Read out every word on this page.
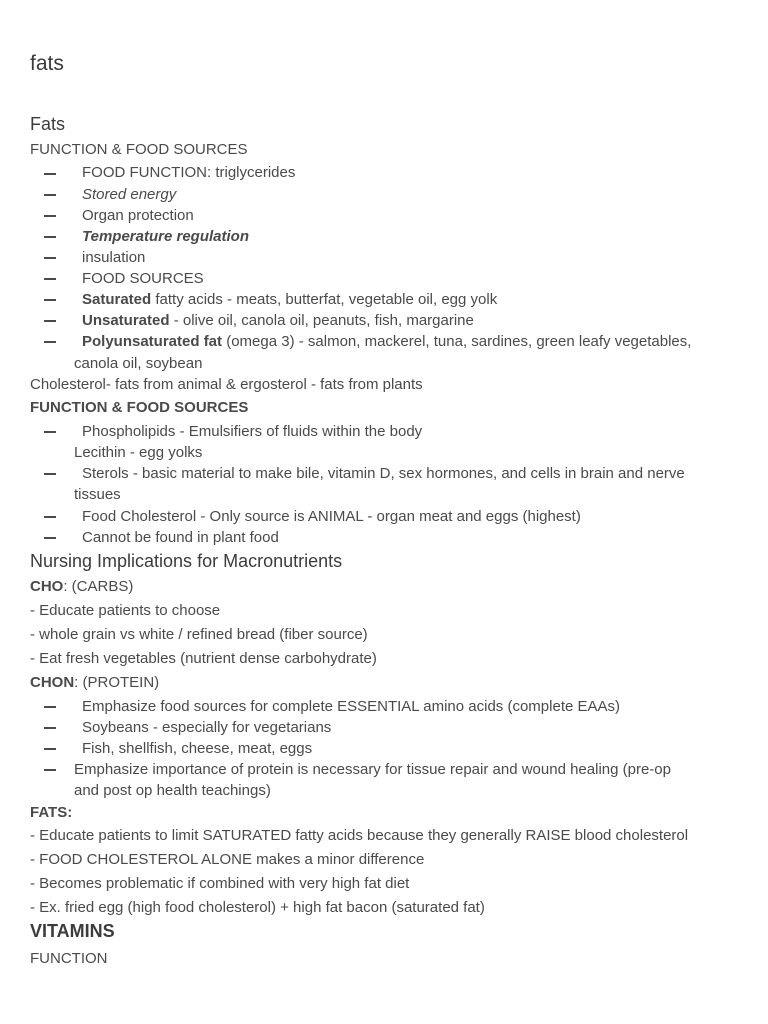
fats
Fats
FUNCTION & FOOD SOURCES
FOOD FUNCTION: triglycerides
Stored energy
Organ protection
Temperature regulation
insulation
FOOD SOURCES
Saturated fatty acids - meats, butterfat, vegetable oil, egg yolk
Unsaturated - olive oil, canola oil, peanuts, fish, margarine
Polyunsaturated fat (omega 3) - salmon, mackerel, tuna, sardines, green leafy vegetables,
canola oil, soybean
Cholesterol- fats from animal & ergosterol - fats from plants
FUNCTION & FOOD SOURCES
Phospholipids - Emulsifiers of fluids within the body
Lecithin - egg yolks
Sterols - basic material to make bile, vitamin D, sex hormones, and cells in brain and nerve
tissues
Food Cholesterol - Only source is ANIMAL - organ meat and eggs (highest)
Cannot be found in plant food
Nursing Implications for Macronutrients
CHO: (CARBS)
- Educate patients to choose
- whole grain vs white / refined bread (fiber source)
- Eat fresh vegetables (nutrient dense carbohydrate)
CHON: (PROTEIN)
Emphasize food sources for complete ESSENTIAL amino acids (complete EAAs)
Soybeans - especially for vegetarians
Fish, shellfish, cheese, meat, eggs
Emphasize importance of protein is necessary for tissue repair and wound healing (pre-op
and post op health teachings)
FATS:
- Educate patients to limit SATURATED fatty acids because they generally RAISE blood cholesterol
- FOOD CHOLESTEROL ALONE makes a minor difference
- Becomes problematic if combined with very high fat diet
- Ex. fried egg (high food cholesterol) + high fat bacon (saturated fat)
VITAMINS
FUNCTION
